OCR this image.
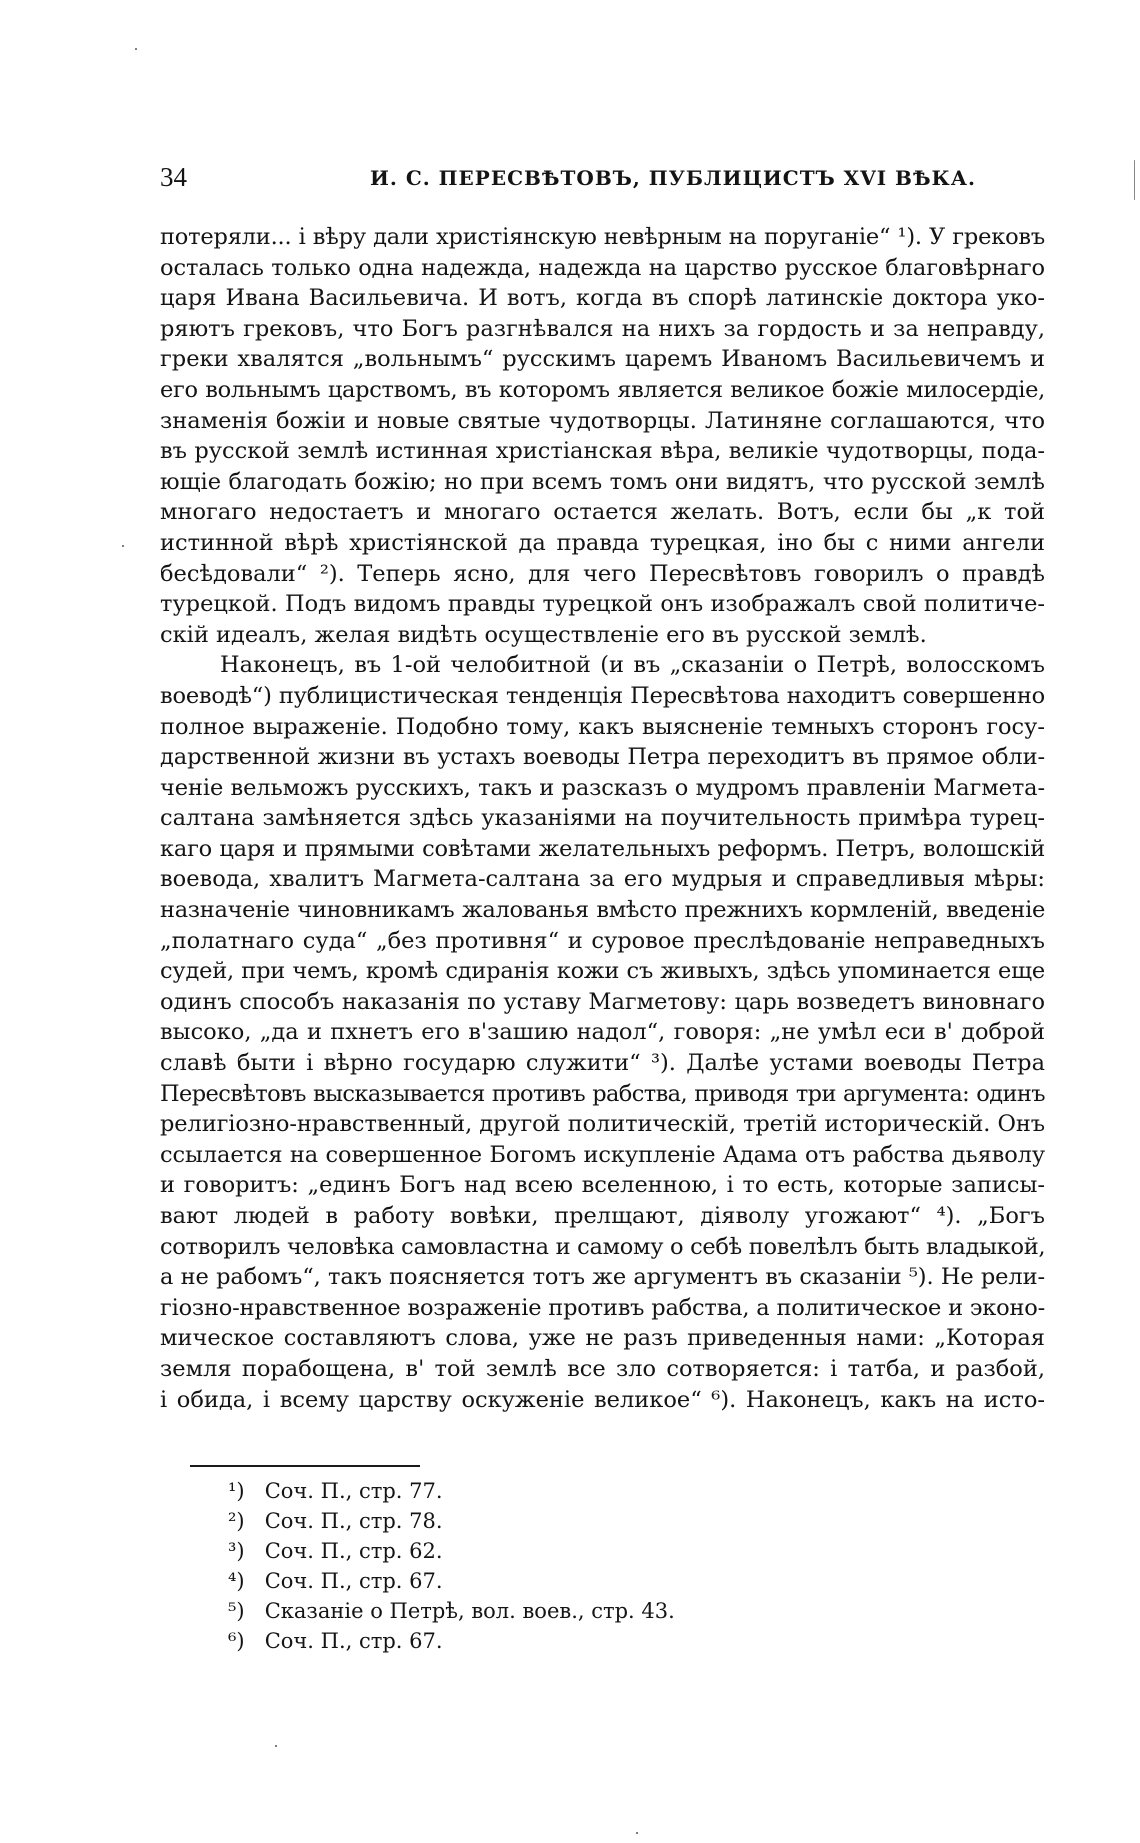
34	И. С. ПЕРЕСВѢТОВЪ, ПУБЛИЦИСТЪ XVI ВѢКА.
потеряли... і вѣру дали христіянскую невѣрным на поруганіе“ ¹). У грековъ
осталась только одна надежда, надежда на царство русское благовѣрнаго
царя Ивана Васильевича. И вотъ, когда въ спорѣ латинскіе доктора уко-
ряютъ грековъ, что Богъ разгнѣвался на нихъ за гордость и за неправду,
греки хвалятся „вольнымъ“ русскимъ царемъ Иваномъ Васильевичемъ и
его вольнымъ царствомъ, въ которомъ является великое божіе милосердіе,
знаменія божіи и новые святые чудотворцы. Латиняне соглашаются, что
въ русской землѣ истинная христіанская вѣра, великіе чудотворцы, пода-
ющіе благодать божію; но при всемъ томъ они видятъ, что русской землѣ
многаго недостаетъ и многаго остается желать. Вотъ, если бы „к той
истинной вѣрѣ христіянской да правда турецкая, іно бы с ними ангели
бесѣдовали“ ²). Теперь ясно, для чего Пересвѣтовъ говорилъ о правдѣ
турецкой. Подъ видомъ правды турецкой онъ изображалъ свой политиче-
скій идеалъ, желая видѣть осуществленіе его въ русской землѣ.
Наконецъ, въ 1-ой челобитной (и въ „сказаніи о Петрѣ, волосскомъ
воеводѣ“) публицистическая тенденція Пересвѣтова находитъ совершенно
полное выраженіе. Подобно тому, какъ выясненіе темныхъ сторонъ госу-
дарственной жизни въ устахъ воеводы Петра переходитъ въ прямое обли-
ченіе вельможъ русскихъ, такъ и разсказъ о мудромъ правленіи Магмета-
салтана замѣняется здѣсь указаніями на поучительность примѣра турец-
каго царя и прямыми совѣтами желательныхъ реформъ. Петръ, волошскій
воевода, хвалитъ Магмета-салтана за его мудрыя и справедливыя мѣры:
назначеніе чиновникамъ жалованья вмѣсто прежнихъ кормленій, введеніе
„полатнаго суда“ „без противня“ и суровое преслѣдованіе неправедныхъ
судей, при чемъ, кромѣ сдиранія кожи съ живыхъ, здѣсь упоминается еще
одинъ способъ наказанія по уставу Магметову: царь возведетъ виновнаго
высоко, „да и пхнетъ его в'зашию надол“, говоря: „не умѣл еси в' доброй
славѣ быти і вѣрно государю служити“ ³). Далѣе устами воеводы Петра
Пересвѣтовъ высказывается противъ рабства, приводя три аргумента: одинъ
религіозно-нравственный, другой политическій, третій историческій. Онъ
ссылается на совершенное Богомъ искупленіе Адама отъ рабства дьяволу
и говоритъ: „единъ Богъ над всею вселенною, і то есть, которые записы-
вают людей в работу вовѣки, прелщают, діяволу угожают“ ⁴). „Богъ
сотворилъ человѣка самовластна и самому о себѣ повелѣлъ быть владыкой,
а не рабомъ“, такъ поясняется тотъ же аргументъ въ сказаніи ⁵). Не рели-
гіозно-нравственное возраженіе противъ рабства, а политическое и эконо-
мическое составляютъ слова, уже не разъ приведенныя нами: „Которая
земля порабощена, в' той землѣ все зло сотворяется: і татба, и разбой,
і обида, і всему царству оскуженіе великое“ ⁶). Наконецъ, какъ на исто-
¹) Соч. П., стр. 77.
²) Соч. П., стр. 78.
³) Соч. П., стр. 62.
⁴) Соч. П., стр. 67.
⁵) Сказаніе о Петрѣ, вол. воев., стр. 43.
⁶) Соч. П., стр. 67.
